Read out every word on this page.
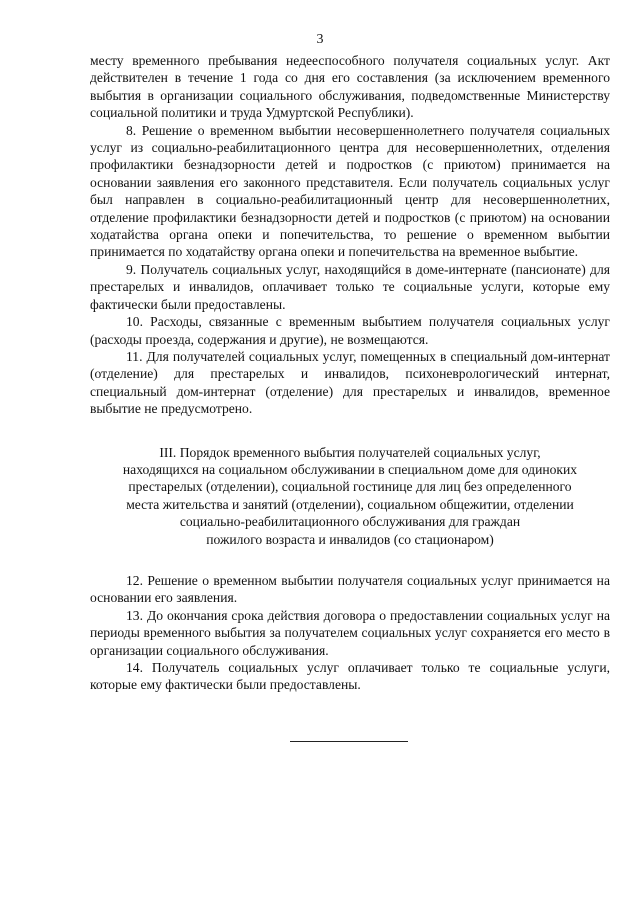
3

месту временного пребывания недееспособного получателя социальных услуг. Акт действителен в течение 1 года со дня его составления (за исключением временного выбытия в организации социального обслуживания, подведомственные Министерству социальной политики и труда Удмуртской Республики).

8. Решение о временном выбытии несовершеннолетнего получателя социальных услуг из социально-реабилитационного центра для несовершеннолетних, отделения профилактики безнадзорности детей и подростков (с приютом) принимается на основании заявления его законного представителя. Если получатель социальных услуг был направлен в социально-реабилитационный центр для несовершеннолетних, отделение профилактики безнадзорности детей и подростков (с приютом) на основании ходатайства органа опеки и попечительства, то решение о временном выбытии принимается по ходатайству органа опеки и попечительства на временное выбытие.

9. Получатель социальных услуг, находящийся в доме-интернате (пансионате) для престарелых и инвалидов, оплачивает только те социальные услуги, которые ему фактически были предоставлены.

10. Расходы, связанные с временным выбытием получателя социальных услуг (расходы проезда, содержания и другие), не возмещаются.

11. Для получателей социальных услуг, помещенных в специальный дом-интернат (отделение) для престарелых и инвалидов, психоневрологический интернат, специальный дом-интернат (отделение) для престарелых и инвалидов, временное выбытие не предусмотрено.

III. Порядок временного выбытия получателей социальных услуг,
находящихся на социальном обслуживании в специальном доме для одиноких
престарелых (отделении), социальной гостинице для лиц без определенного
места жительства и занятий (отделении), социальном общежитии, отделении
социально-реабилитационного обслуживания для граждан
пожилого возраста и инвалидов (со стационаром)

12. Решение о временном выбытии получателя социальных услуг принимается на основании его заявления.

13. До окончания срока действия договора о предоставлении социальных услуг на периоды временного выбытия за получателем социальных услуг сохраняется его место в организации социального обслуживания.

14. Получатель социальных услуг оплачивает только те социальные услуги, которые ему фактически были предоставлены.
